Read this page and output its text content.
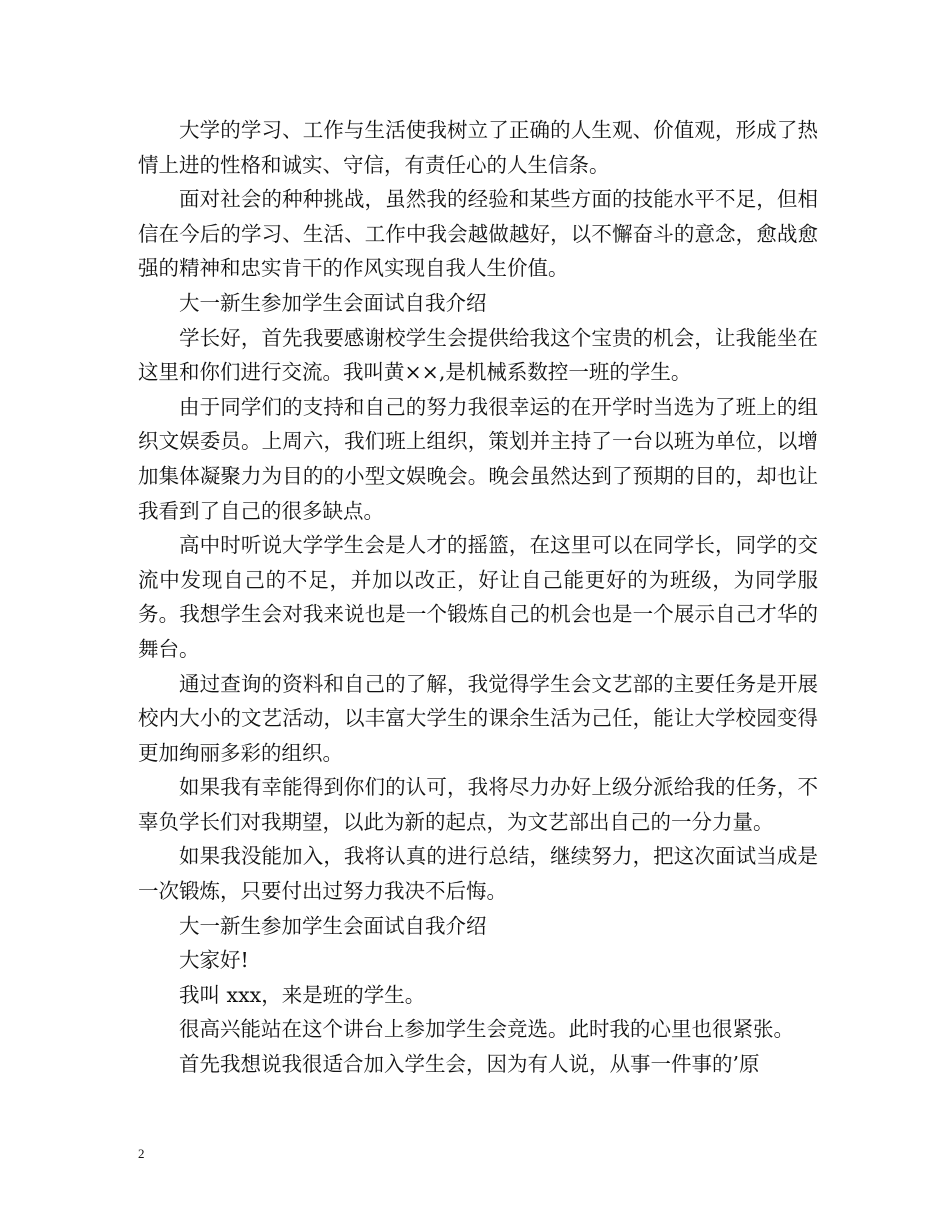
大学的学习、工作与生活使我树立了正确的人生观、价值观，形成了热情上进的性格和诚实、守信，有责任心的人生信条。

面对社会的种种挑战，虽然我的经验和某些方面的技能水平不足，但相信在今后的学习、生活、工作中我会越做越好，以不懈奋斗的意念，愈战愈强的精神和忠实肯干的作风实现自我人生价值。

大一新生参加学生会面试自我介绍

学长好，首先我要感谢校学生会提供给我这个宝贵的机会，让我能坐在这里和你们进行交流。我叫黄××,是机械系数控一班的学生。

由于同学们的支持和自己的努力我很幸运的在开学时当选为了班上的组织文娱委员。上周六，我们班上组织，策划并主持了一台以班为单位，以增加集体凝聚力为目的的小型文娱晚会。晚会虽然达到了预期的目的，却也让我看到了自己的很多缺点。

高中时听说大学学生会是人才的摇篮，在这里可以在同学长，同学的交流中发现自己的不足，并加以改正，好让自己能更好的为班级，为同学服务。我想学生会对我来说也是一个锻炼自己的机会也是一个展示自己才华的舞台。

通过查询的资料和自己的了解，我觉得学生会文艺部的主要任务是开展校内大小的文艺活动，以丰富大学生的课余生活为己任，能让大学校园变得更加绚丽多彩的组织。

如果我有幸能得到你们的认可，我将尽力办好上级分派给我的任务，不辜负学长们对我期望，以此为新的起点，为文艺部出自己的一分力量。

如果我没能加入，我将认真的进行总结，继续努力，把这次面试当成是一次锻炼，只要付出过努力我决不后悔。

大一新生参加学生会面试自我介绍

大家好!

我叫 xxx，来是班的学生。

很高兴能站在这个讲台上参加学生会竞选。此时我的心里也很紧张。

首先我想说我很适合加入学生会，因为有人说，从事一件事的’原

2
